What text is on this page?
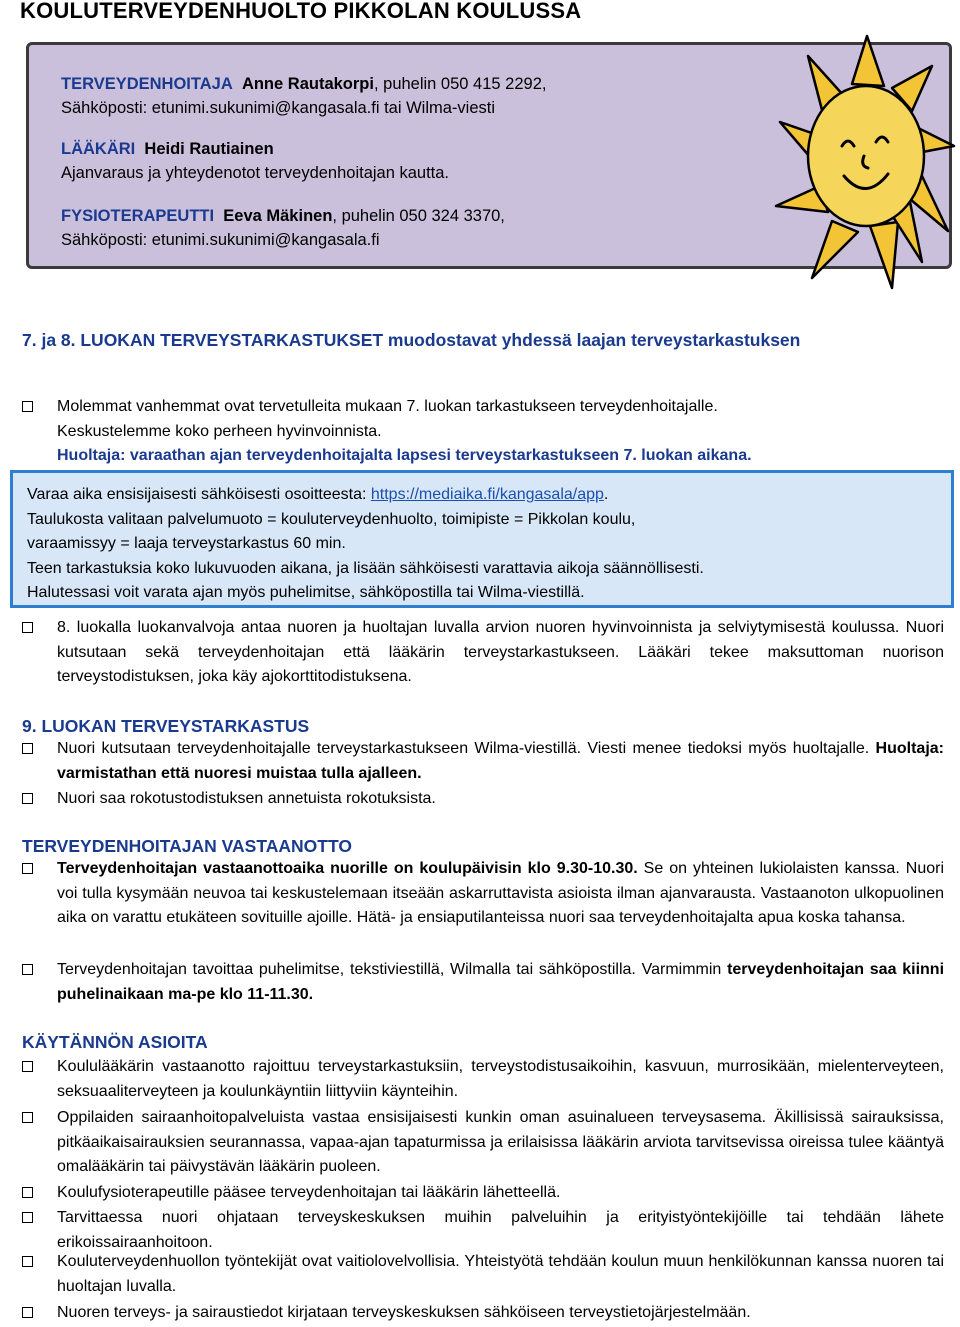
KOULUTERVEYDENHUOLTO PIKKOLAN KOULUSSA
TERVEYDENHOITAJA Anne Rautakorpi, puhelin 050 415 2292,
Sähköposti: etunimi.sukunimi@kangasala.fi tai Wilma-viesti
LÄÄKÄRI Heidi Rautiainen
Ajanvaraus ja yhteydenotot terveydenhoitajan kautta.
FYSIOTERAPEUTTI Eeva Mäkinen, puhelin 050 324 3370,
Sähköposti: etunimi.sukunimi@kangasala.fi
7. ja 8. LUOKAN TERVEYSTARKASTUKSET muodostavat yhdessä laajan terveystarkastuksen
Molemmat vanhemmat ovat tervetulleita mukaan 7. luokan tarkastukseen terveydenhoitajalle.
Keskustelemme koko perheen hyvinvoinnista.
Huoltaja: varaathan ajan terveydenhoitajalta lapsesi terveystarkastukseen 7. luokan aikana.
Varaa aika ensisijaisesti sähköisesti osoitteesta: https://mediaika.fi/kangasala/app.
Taulukosta valitaan palvelumuoto = kouluterveydenhuolto, toimipiste = Pikkolan koulu,
varaamissyy = laaja terveystarkastus 60 min.
Teen tarkastuksia koko lukuvuoden aikana, ja lisään sähköisesti varattavia aikoja säännöllisesti.
Halutessasi voit varata ajan myös puhelimitse, sähköpostilla tai Wilma-viestillä.
8. luokalla luokanvalvoja antaa nuoren ja huoltajan luvalla arvion nuoren hyvinvoinnista ja selviytymisestä koulussa. Nuori kutsutaan sekä terveydenhoitajan että lääkärin terveystarkastukseen. Lääkäri tekee maksuttoman nuorison terveystodistuksen, joka käy ajokorttitodistuksena.
9. LUOKAN TERVEYSTARKASTUS
Nuori kutsutaan terveydenhoitajalle terveystarkastukseen Wilma-viestillä. Viesti menee tiedoksi myös huoltajalle. Huoltaja: varmistathan että nuoresi muistaa tulla ajalleen.
Nuori saa rokotustodistuksen annetuista rokotuksista.
TERVEYDENHOITAJAN VASTAANOTTO
Terveydenhoitajan vastaanottoaika nuorille on koulupäivisin klo 9.30-10.30. Se on yhteinen lukiolaisten kanssa. Nuori voi tulla kysymään neuvoa tai keskustelemaan itseään askarruttavista asioista ilman ajanvarausta. Vastaanoton ulkopuolinen aika on varattu etukäteen sovituille ajoille. Hätä- ja ensiaputilanteissa nuori saa terveydenhoitajalta apua koska tahansa.
Terveydenhoitajan tavoittaa puhelimitse, tekstiviestillä, Wilmalla tai sähköpostilla. Varmimmin terveydenhoitajan saa kiinni puhelinaikaan ma-pe klo 11-11.30.
KÄYTÄNNÖN ASIOITA
Koululääkärin vastaanotto rajoittuu terveystarkastuksiin, terveystodistusaikoihin, kasvuun, murrosikään, mielenterveyteen, seksuaaliterveyteen ja koulunkäyntiin liittyviin käynteihin.
Oppilaiden sairaanhoitopalveluista vastaa ensisijaisesti kunkin oman asuinalueen terveysasema. Äkillisissä sairauksissa, pitkäaikaisairauksien seurannassa, vapaa-ajan tapaturmissa ja erilaisissa lääkärin arviota tarvitsevissa oireissa tulee kääntyä omalääkärin tai päivystävän lääkärin puoleen.
Koulufysioterapeutille pääsee terveydenhoitajan tai lääkärin lähetteellä.
Tarvittaessa nuori ohjataan terveyskeskuksen muihin palveluihin ja erityistyöntekijöille tai tehdään lähete erikoissairaanhoitoon.
Kouluterveydenhuollon työntekijät ovat vaitiolovelvollisia. Yhteistyötä tehdään koulun muun henkilökunnan kanssa nuoren tai huoltajan luvalla.
Nuoren terveys- ja sairaustiedot kirjataan terveyskeskuksen sähköiseen terveystietojärjestelmään.
